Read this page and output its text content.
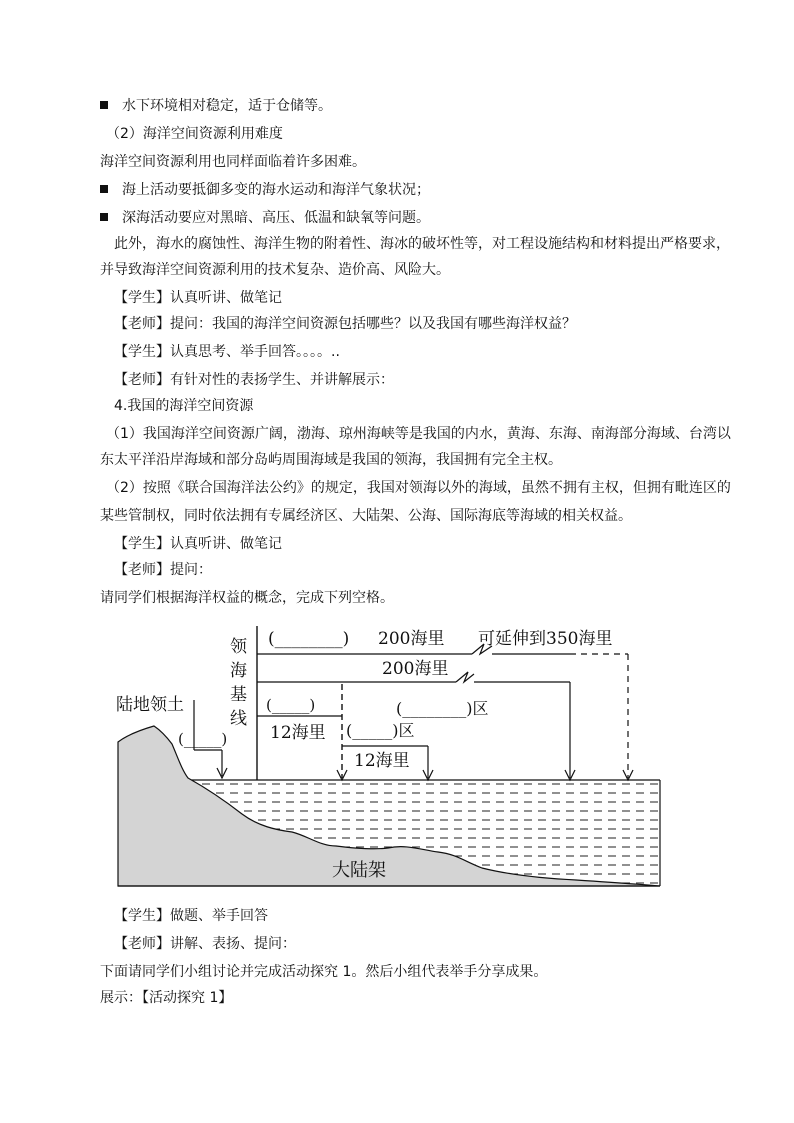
水下环境相对稳定，适于仓储等。
（2）海洋空间资源利用难度
海洋空间资源利用也同样面临着许多困难。
海上活动要抵御多变的海水运动和海洋气象状况；
深海活动要应对黑暗、高压、低温和缺氧等问题。
此外，海水的腐蚀性、海洋生物的附着性、海冰的破坏性等，对工程设施结构和材料提出严格要求，
并导致海洋空间资源利用的技术复杂、造价高、风险大。
【学生】认真听讲、做笔记
【老师】提问：我国的海洋空间资源包括哪些？以及我国有哪些海洋权益？
【学生】认真思考、举手回答。。。。..
【老师】有针对性的表扬学生、并讲解展示：
4.我国的海洋空间资源
（1）我国海洋空间资源广阔，渤海、琼州海峡等是我国的内水，黄海、东海、南海部分海域、台湾以
东太平洋沿岸海域和部分岛屿周围海域是我国的领海，我国拥有完全主权。
（2）按照《联合国海洋法公约》的规定，我国对领海以外的海域，虽然不拥有主权，但拥有毗连区的
某些管制权，同时依法拥有专属经济区、大陆架、公海、国际海底等海域的相关权益。
【学生】认真听讲、做笔记
【老师】提问：
请同学们根据海洋权益的概念，完成下列空格。
(________) 200海里 可延伸到350海里
200海里
领
海
基
线
陆地领土
(_____)
(_____)
12海里
(________)区
(_____)区
12海里
大陆架
【学生】做题、举手回答
【老师】讲解、表扬、提问：
下面请同学们小组讨论并完成活动探究 1。然后小组代表举手分享成果。
展示：【活动探究 1】
